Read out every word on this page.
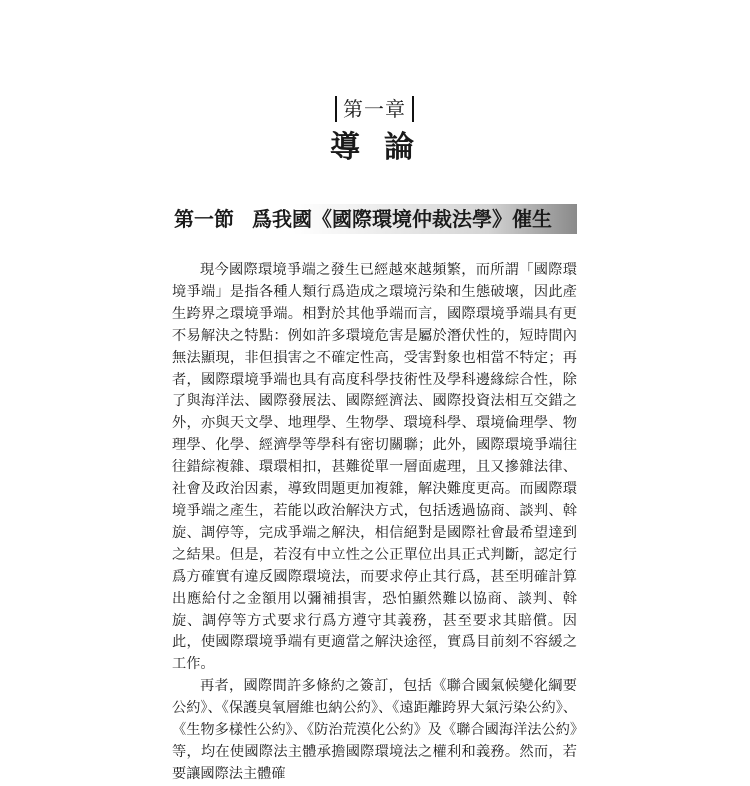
第一章
導論
第一節 爲我國《國際環境仲裁法學》催生

現今國際環境爭端之發生已經越來越頻繁，而所謂「國際環境爭端」是指各種人類行爲造成之環境污染和生態破壞，因此產生跨界之環境爭端。相對於其他爭端而言，國際環境爭端具有更不易解決之特點：例如許多環境危害是屬於潛伏性的，短時間內無法顯現，非但損害之不確定性高，受害對象也相當不特定；再者，國際環境爭端也具有高度科學技術性及學科邊緣綜合性，除了與海洋法、國際發展法、國際經濟法、國際投資法相互交錯之外，亦與天文學、地理學、生物學、環境科學、環境倫理學、物理學、化學、經濟學等學科有密切關聯；此外，國際環境爭端往往錯綜複雜、環環相扣，甚難從單一層面處理，且又摻雜法律、社會及政治因素，導致問題更加複雜，解決難度更高。而國際環境爭端之產生，若能以政治解決方式，包括透過協商、談判、斡旋、調停等，完成爭端之解決，相信絕對是國際社會最希望達到之結果。但是，若沒有中立性之公正單位出具正式判斷，認定行爲方確實有違反國際環境法，而要求停止其行爲，甚至明確計算出應給付之金額用以彌補損害，恐怕顯然難以協商、談判、斡旋、調停等方式要求行爲方遵守其義務，甚至要求其賠償。因此，使國際環境爭端有更適當之解決途徑，實爲目前刻不容緩之工作。

再者，國際間許多條約之簽訂，包括《聯合國氣候變化綱要公約》、《保護臭氧層維也納公約》、《遠距離跨界大氣污染公約》、《生物多樣性公約》、《防治荒漠化公約》及《聯合國海洋法公約》等，均在使國際法主體承擔國際環境法之權利和義務。然而，若要讓國際法主體確
